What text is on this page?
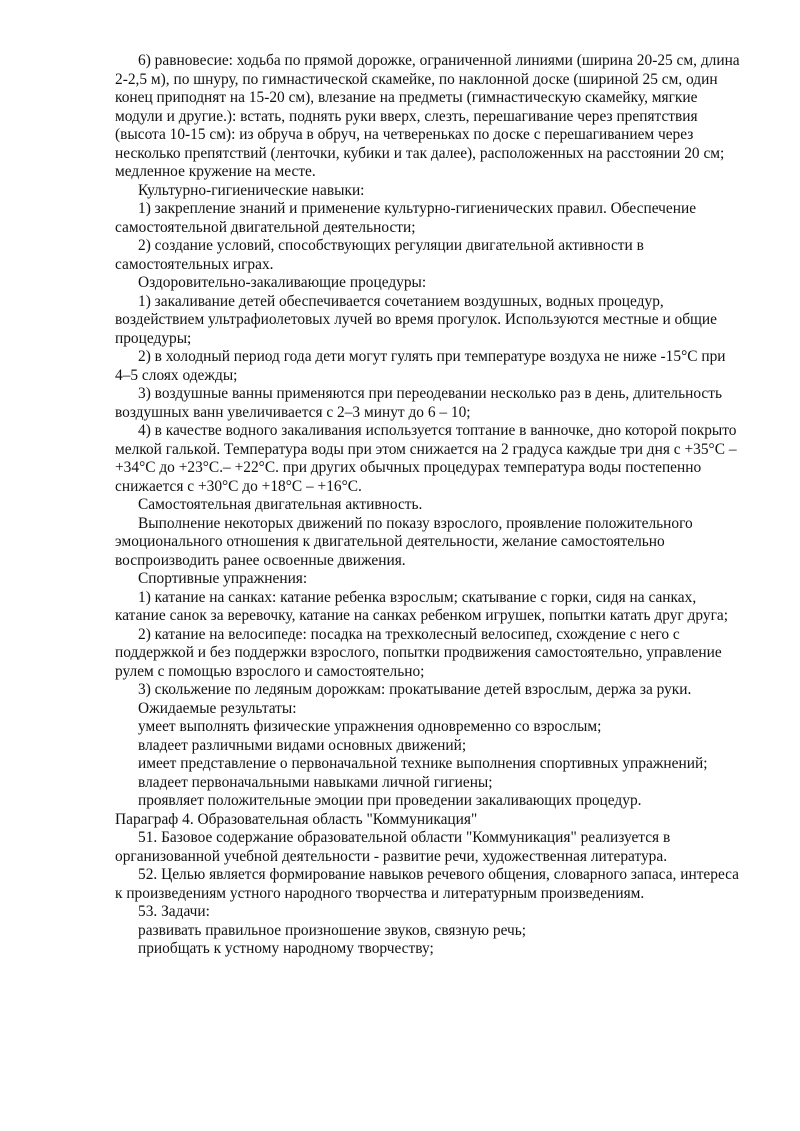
6) равновесие: ходьба по прямой дорожке, ограниченной линиями (ширина 20-25 см, длина 2-2,5 м), по шнуру, по гимнастической скамейке, по наклонной доске (шириной 25 см, один конец приподнят на 15-20 см), влезание на предметы (гимнастическую скамейку, мягкие модули и другие.): встать, поднять руки вверх, слезть, перешагивание через препятствия (высота 10-15 см): из обруча в обруч, на четвереньках по доске с перешагиванием через несколько препятствий (ленточки, кубики и так далее), расположенных на расстоянии 20 см; медленное кружение на месте.

Культурно-гигиенические навыки:

1) закрепление знаний и применение культурно-гигиенических правил. Обеспечение самостоятельной двигательной деятельности;

2) создание условий, способствующих регуляции двигательной активности в самостоятельных играх.

Оздоровительно-закаливающие процедуры:

1) закаливание детей обеспечивается сочетанием воздушных, водных процедур, воздействием ультрафиолетовых лучей во время прогулок. Используются местные и общие процедуры;

2) в холодный период года дети могут гулять при температуре воздуха не ниже -15°С при 4–5 слоях одежды;

3) воздушные ванны применяются при переодевании несколько раз в день, длительность воздушных ванн увеличивается с 2–3 минут до 6 – 10;

4) в качестве водного закаливания используется топтание в ванночке, дно которой покрыто мелкой галькой. Температура воды при этом снижается на 2 градуса каждые три дня с +35°С – +34°С до +23°С.– +22°С. при других обычных процедурах температура воды постепенно снижается с +30°С до +18°С – +16°С.

Самостоятельная двигательная активность.

Выполнение некоторых движений по показу взрослого, проявление положительного эмоционального отношения к двигательной деятельности, желание самостоятельно воспроизводить ранее освоенные движения.

Спортивные упражнения:

1) катание на санках: катание ребенка взрослым; скатывание с горки, сидя на санках, катание санок за веревочку, катание на санках ребенком игрушек, попытки катать друг друга;

2) катание на велосипеде: посадка на трехколесный велосипед, схождение с него с поддержкой и без поддержки взрослого, попытки продвижения самостоятельно, управление рулем с помощью взрослого и самостоятельно;

3) скольжение по ледяным дорожкам: прокатывание детей взрослым, держа за руки.

Ожидаемые результаты:

умеет выполнять физические упражнения одновременно со взрослым;

владеет различными видами основных движений;

имеет представление о первоначальной технике выполнения спортивных упражнений;

владеет первоначальными навыками личной гигиены;

проявляет положительные эмоции при проведении закаливающих процедур.

Параграф 4. Образовательная область "Коммуникация"

51. Базовое содержание образовательной области "Коммуникация" реализуется в организованной учебной деятельности - развитие речи, художественная литература.

52. Целью является формирование навыков речевого общения, словарного запаса, интереса к произведениям устного народного творчества и литературным произведениям.

53. Задачи:

развивать правильное произношение звуков, связную речь;

приобщать к устному народному творчеству;
